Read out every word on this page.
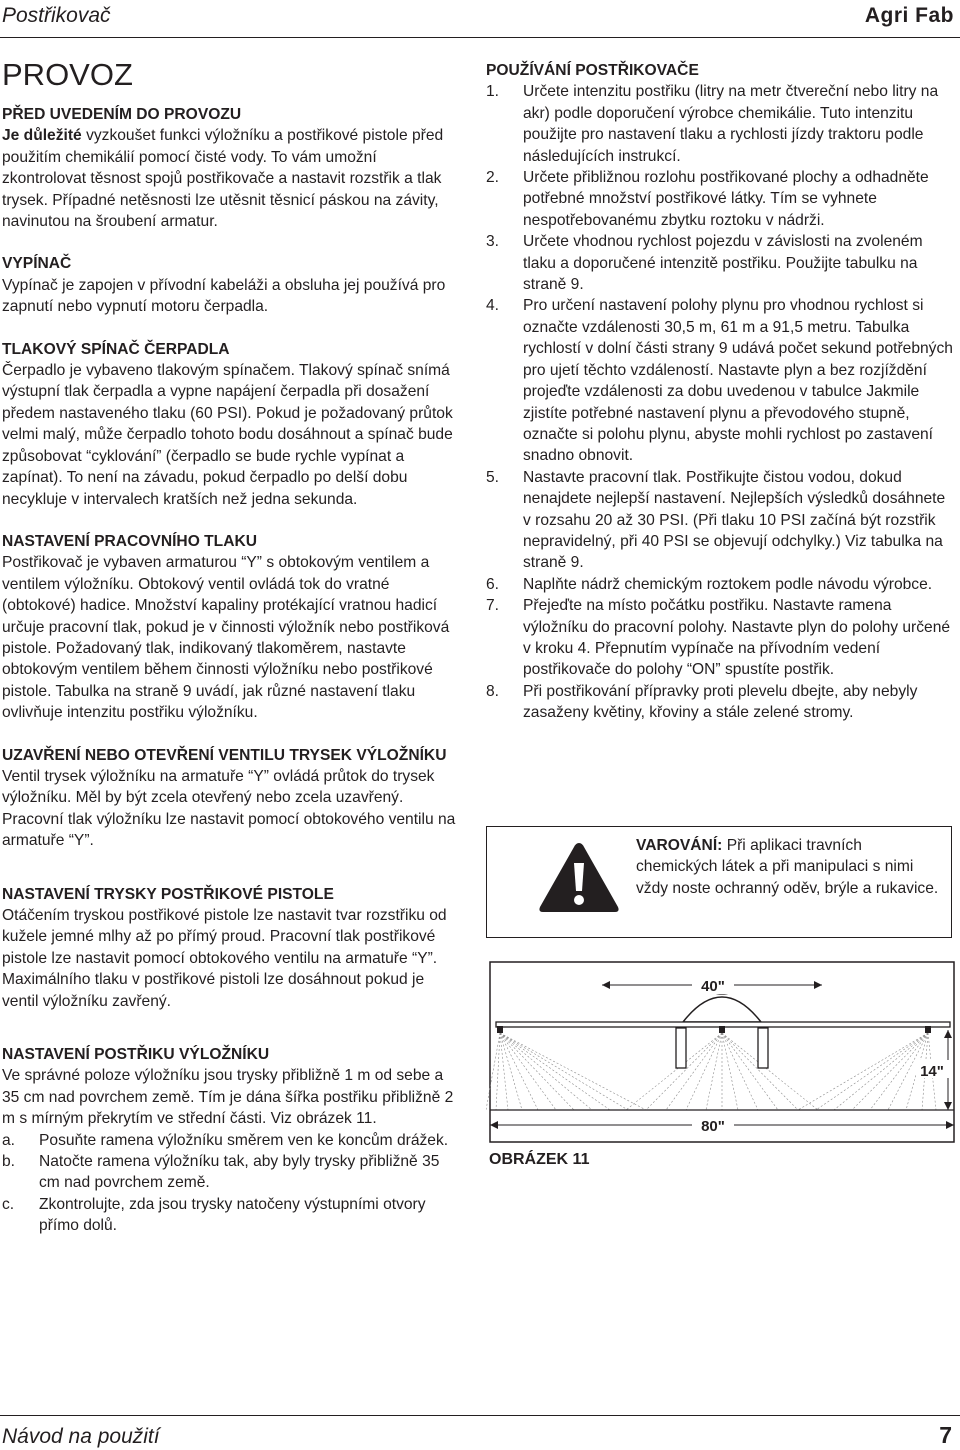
Postřikovač	Agri Fab
PROVOZ
PŘED UVEDENÍM DO PROVOZU

Je důležité vyzkoušet funkci výložníku a postřikové pistole před použitím chemikálií pomocí čisté vody. To vám umožní zkontrolovat těsnost spojů postřikovače a nastavit rozstřik a tlak trysek. Případné netěsnosti lze utěsnit těsnicí páskou na závity, navinutou na šroubení armatur.

VYPÍNAČ

Vypínač je zapojen v přívodní kabeláži a obsluha jej používá pro zapnutí nebo vypnutí motoru čerpadla.

TLAKOVÝ SPÍNAČ ČERPADLA

Čerpadlo je vybaveno tlakovým spínačem. Tlakový spínač snímá výstupní tlak čerpadla a vypne napájení čerpadla při dosažení předem nastaveného tlaku (60 PSI). Pokud je požadovaný průtok velmi malý, může čerpadlo tohoto bodu dosáhnout a spínač bude způsobovat “cyklování” (čerpadlo se bude rychle vypínat a zapínat). To není na závadu, pokud čerpadlo po delší dobu necykluje v intervalech kratších než jedna sekunda.

NASTAVENÍ PRACOVNÍHO TLAKU

Postřikovač je vybaven armaturou “Y” s obtokovým ventilem a ventilem výložníku. Obtokový ventil ovládá tok do vratné (obtokové) hadice. Množství kapaliny protékající vratnou hadicí určuje pracovní tlak, pokud je v činnosti výložník nebo postřiková pistole. Požadovaný tlak, indikovaný tlakoměrem, nastavte obtokovým ventilem během činnosti výložníku nebo postřikové pistole. Tabulka na straně 9 uvádí, jak různé nastavení tlaku ovlivňuje intenzitu postřiku výložníku.

UZAVŘENÍ NEBO OTEVŘENÍ VENTILU TRYSEK VÝLOŽNÍKU

Ventil trysek výložníku na armatuře “Y” ovládá průtok do trysek výložníku. Měl by být zcela otevřený nebo zcela uzavřený. Pracovní tlak výložníku lze nastavit pomocí obtokového ventilu na armatuře “Y”.

NASTAVENÍ TRYSKY POSTŘIKOVÉ PISTOLE

Otáčením tryskou postřikové pistole lze nastavit tvar rozstřiku od kužele jemné mlhy až po přímý proud. Pracovní tlak postřikové pistole lze nastavit pomocí obtokového ventilu na armatuře “Y”. Maximálního tlaku v postřikové pistoli lze dosáhnout pokud je ventil výložníku zavřený.

NASTAVENÍ POSTŘIKU VÝLOŽNÍKU

Ve správné poloze výložníku jsou trysky přibližně 1 m od sebe a 35 cm nad povrchem země. Tím je dána šířka postřiku přibližně 2 m s mírným překrytím ve střední části. Viz obrázek 11.

a. Posuňte ramena výložníku směrem ven ke koncům drážek.
b. Natočte ramena výložníku tak, aby byly trysky přibližně 35 cm nad povrchem země.
c. Zkontrolujte, zda jsou trysky natočeny výstupními otvory přímo dolů.
POUŽÍVÁNÍ POSTŘIKOVAČE
1. Určete intenzitu postřiku (litry na metr čtvereční nebo litry na akr) podle doporučení výrobce chemikálie. Tuto intenzitu použijte pro nastavení tlaku a rychlosti jízdy traktoru podle následujících instrukcí.
2. Určete přibližnou rozlohu postřikované plochy a odhadněte potřebné množství postřikové látky. Tím se vyhnete nespotřebovanému zbytku roztoku v nádrži.
3. Určete vhodnou rychlost pojezdu v závislosti na zvoleném tlaku a doporučené intenzitě postřiku. Použijte tabulku na straně 9.
4. Pro určení nastavení polohy plynu pro vhodnou rychlost si označte vzdálenosti 30,5 m, 61 m a 91,5 metru. Tabulka rychlostí v dolní části strany 9 udává počet sekund potřebných pro ujetí těchto vzdáleností. Nastavte plyn a bez rozjíždění projeďte vzdálenosti za dobu uvedenou v tabulce Jakmile zjistíte potřebné nastavení plynu a převodového stupně, označte si polohu plynu, abyste mohli rychlost po zastavení snadno obnovit.
5. Nastavte pracovní tlak. Postřikujte čistou vodou, dokud nenajdete nejlepší nastavení. Nejlepších výsledků dosáhnete v rozsahu 20 až 30 PSI. (Při tlaku 10 PSI začíná být rozstřik nepravidelný, při 40 PSI se objevují odchylky.) Viz tabulka na straně 9.
6. Naplňte nádrž chemickým roztokem podle návodu výrobce.
7. Přejeďte na místo počátku postřiku. Nastavte ramena výložníku do pracovní polohy. Nastavte plyn do polohy určené v kroku 4. Přepnutím vypínače na přívodním vedení postřikovače do polohy “ON” spustíte postřik.
8. Při postřikování přípravky proti plevelu dbejte, aby nebyly zasaženy květiny, křoviny a stále zelené stromy.
VAROVÁNÍ: Při aplikaci travních chemických látek a při manipulaci s nimi vždy noste ochranný oděv, brýle a rukavice.
40"
14"
80"
OBRÁZEK 11
Návod na použití	7
